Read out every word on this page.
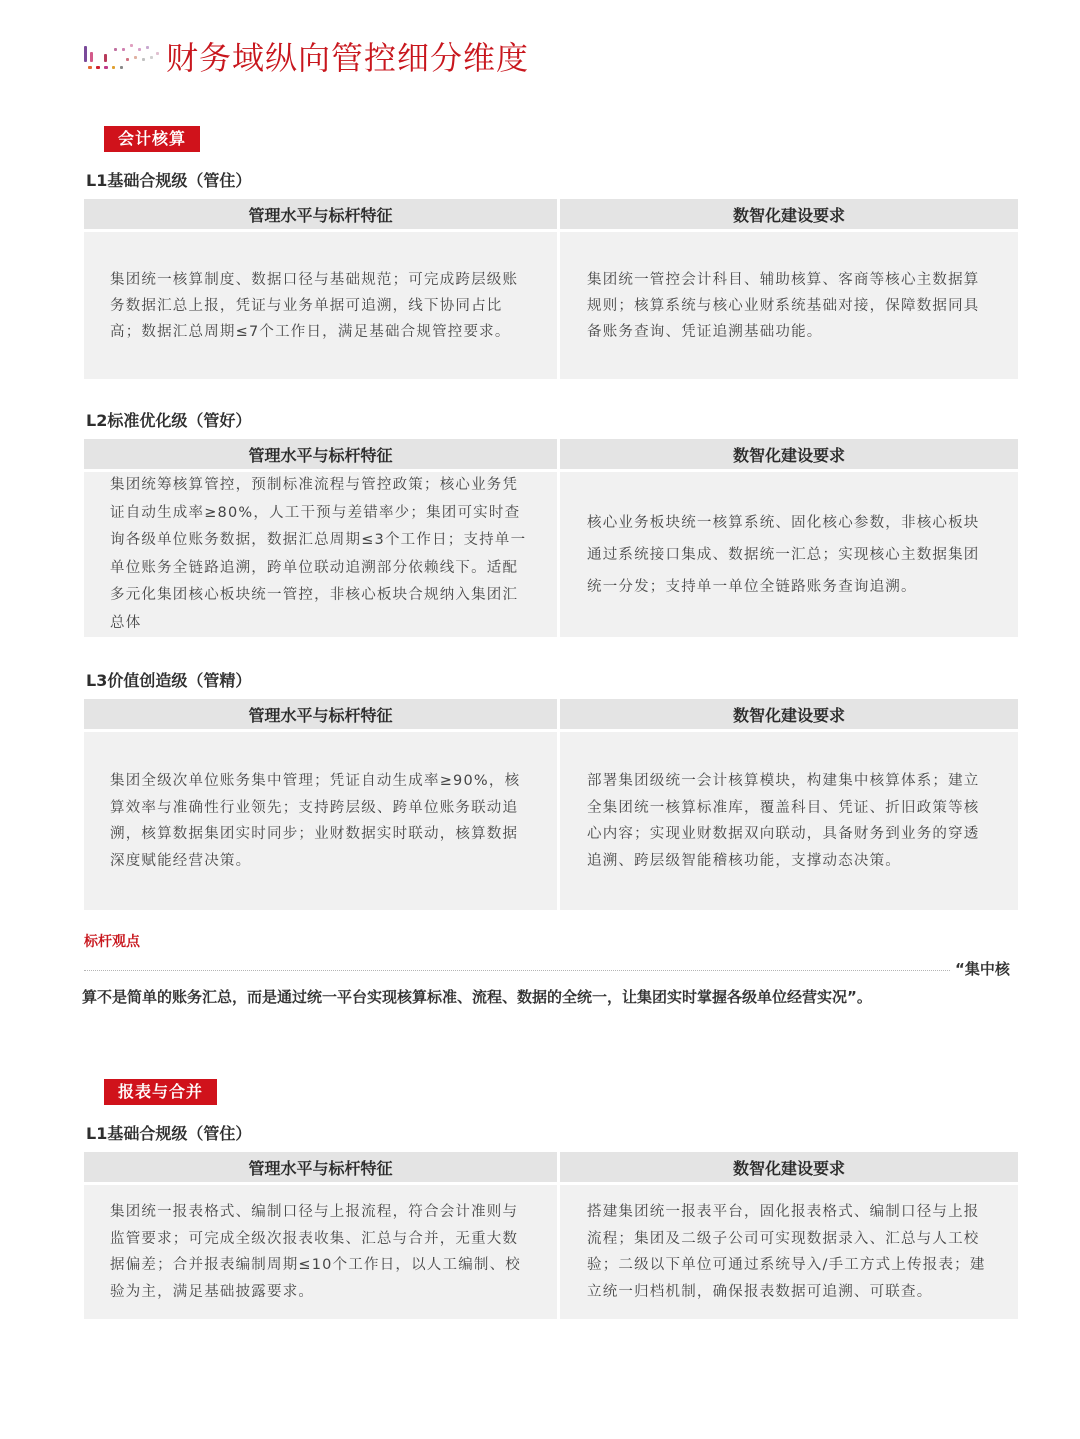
财务域纵向管控细分维度
会计核算
L1基础合规级（管住）
管理水平与标杆特征	数智化建设要求

集团统一核算制度、数据口径与基础规范；可完成跨层级账务数据汇总上报，凭证与业务单据可追溯，线下协同占比高；数据汇总周期≤7个工作日，满足基础合规管控要求。

集团统一管控会计科目、辅助核算、客商等核心主数据算规则；核算系统与核心业财系统基础对接，保障数据同具备账务查询、凭证追溯基础功能。

L2标准优化级（管好）
管理水平与标杆特征	数智化建设要求

集团统筹核算管控，预制标准流程与管控政策；核心业务凭证自动生成率≥80%，人工干预与差错率少；集团可实时查询各级单位账务数据，数据汇总周期≤3个工作日；支持单一单位账务全链路追溯，跨单位联动追溯部分依赖线下。适配多元化集团核心板块统一管控，非核心板块合规纳入集团汇总体

核心业务板块统一核算系统、固化核心参数，非核心板块通过系统接口集成、数据统一汇总；实现核心主数据集团统一分发；支持单一单位全链路账务查询追溯。

L3价值创造级（管精）
管理水平与标杆特征	数智化建设要求

集团全级次单位账务集中管理；凭证自动生成率≥90%，核算效率与准确性行业领先；支持跨层级、跨单位账务联动追溯，核算数据集团实时同步；业财数据实时联动，核算数据深度赋能经营决策。

部署集团级统一会计核算模块，构建集中核算体系；建立全集团统一核算标准库，覆盖科目、凭证、折旧政策等核心内容；实现业财数据双向联动，具备财务到业务的穿透追溯、跨层级智能稽核功能，支撑动态决策。

标杆观点
“集中核
算不是简单的账务汇总，而是通过统一平台实现核算标准、流程、数据的全统一，让集团实时掌握各级单位经营实况”。
报表与合并
L1基础合规级（管住）
管理水平与标杆特征	数智化建设要求

集团统一报表格式、编制口径与上报流程，符合会计准则与监管要求；可完成全级次报表收集、汇总与合并，无重大数据偏差；合并报表编制周期≤10个工作日，以人工编制、校验为主，满足基础披露要求。

搭建集团统一报表平台，固化报表格式、编制口径与上报流程；集团及二级子公司可实现数据录入、汇总与人工校验；二级以下单位可通过系统导入/手工方式上传报表；建立统一归档机制，确保报表数据可追溯、可联查。
